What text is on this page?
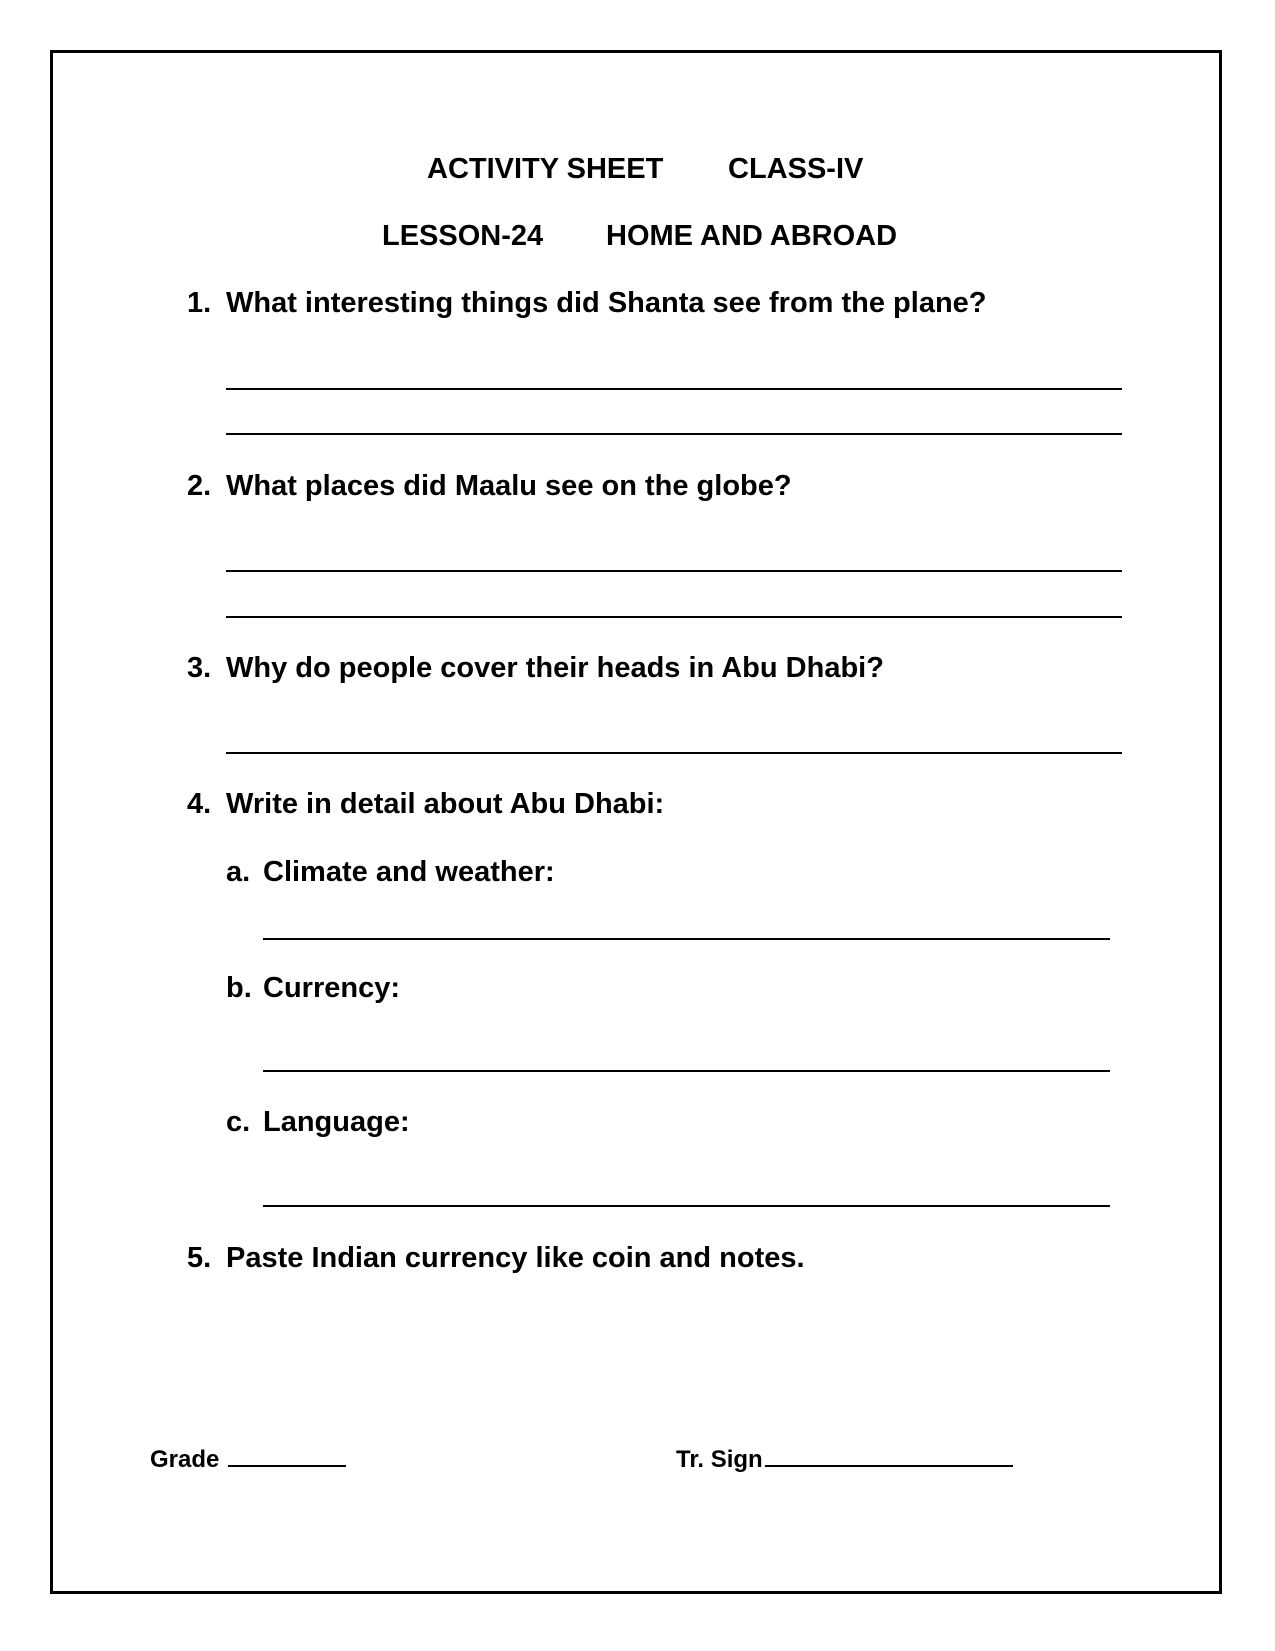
ACTIVITY SHEET CLASS-IV
LESSON-24 HOME AND ABROAD
1. What interesting things did Shanta see from the plane?
2. What places did Maalu see on the globe?
3. Why do people cover their heads in Abu Dhabi?
4. Write in detail about Abu Dhabi:
a. Climate and weather:
b. Currency:
c. Language:
5. Paste Indian currency like coin and notes.
Grade	Tr. Sign
